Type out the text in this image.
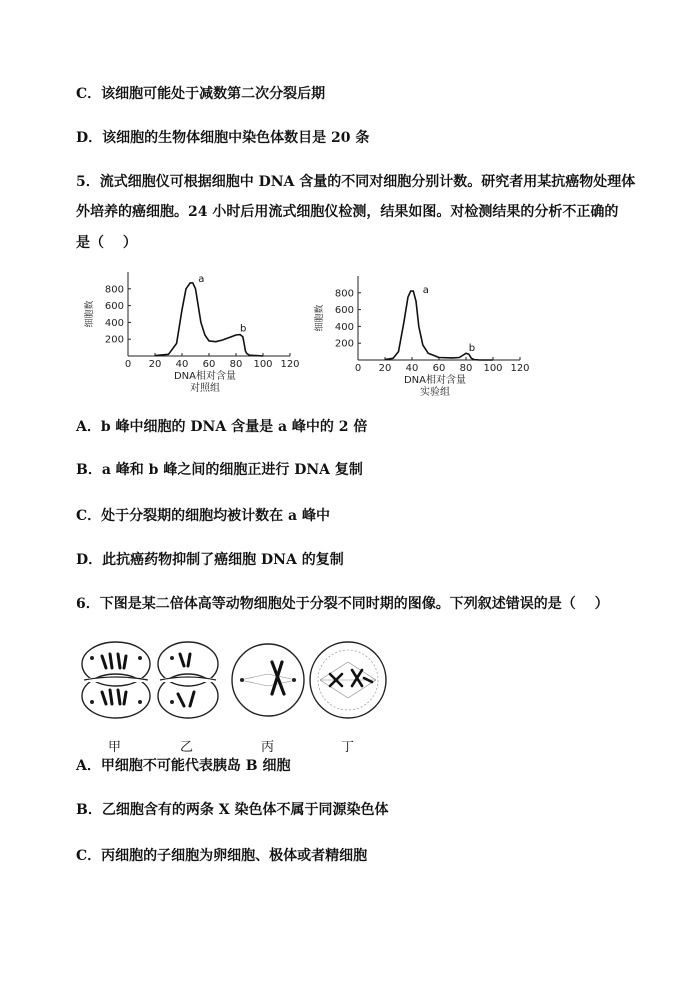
C．该细胞可能处于减数第二次分裂后期
D．该细胞的生物体细胞中染色体数目是 20 条
5．流式细胞仪可根据细胞中 DNA 含量的不同对细胞分别计数。研究者用某抗癌物处理体
外培养的癌细胞。24 小时后用流式细胞仪检测，结果如图。对检测结果的分析不正确的
是（　 ）
200
400
600
800
0 20 40 60 80 100 120
细胞数
a
b
DNA相对含量
对照组
200
400
600
800
0 20 40 60 80 100 120
细胞数
a
b
DNA相对含量
实验组
A．b 峰中细胞的 DNA 含量是 a 峰中的 2 倍
B．a 峰和 b 峰之间的细胞正进行 DNA 复制
C．处于分裂期的细胞均被计数在 a 峰中
D．此抗癌药物抑制了癌细胞 DNA 的复制
6．下图是某二倍体高等动物细胞处于分裂不同时期的图像。下列叙述错误的是（　 ）
甲	乙	丙	丁
A．甲细胞不可能代表胰岛 B 细胞
B．乙细胞含有的两条 X 染色体不属于同源染色体
C．丙细胞的子细胞为卵细胞、极体或者精细胞
